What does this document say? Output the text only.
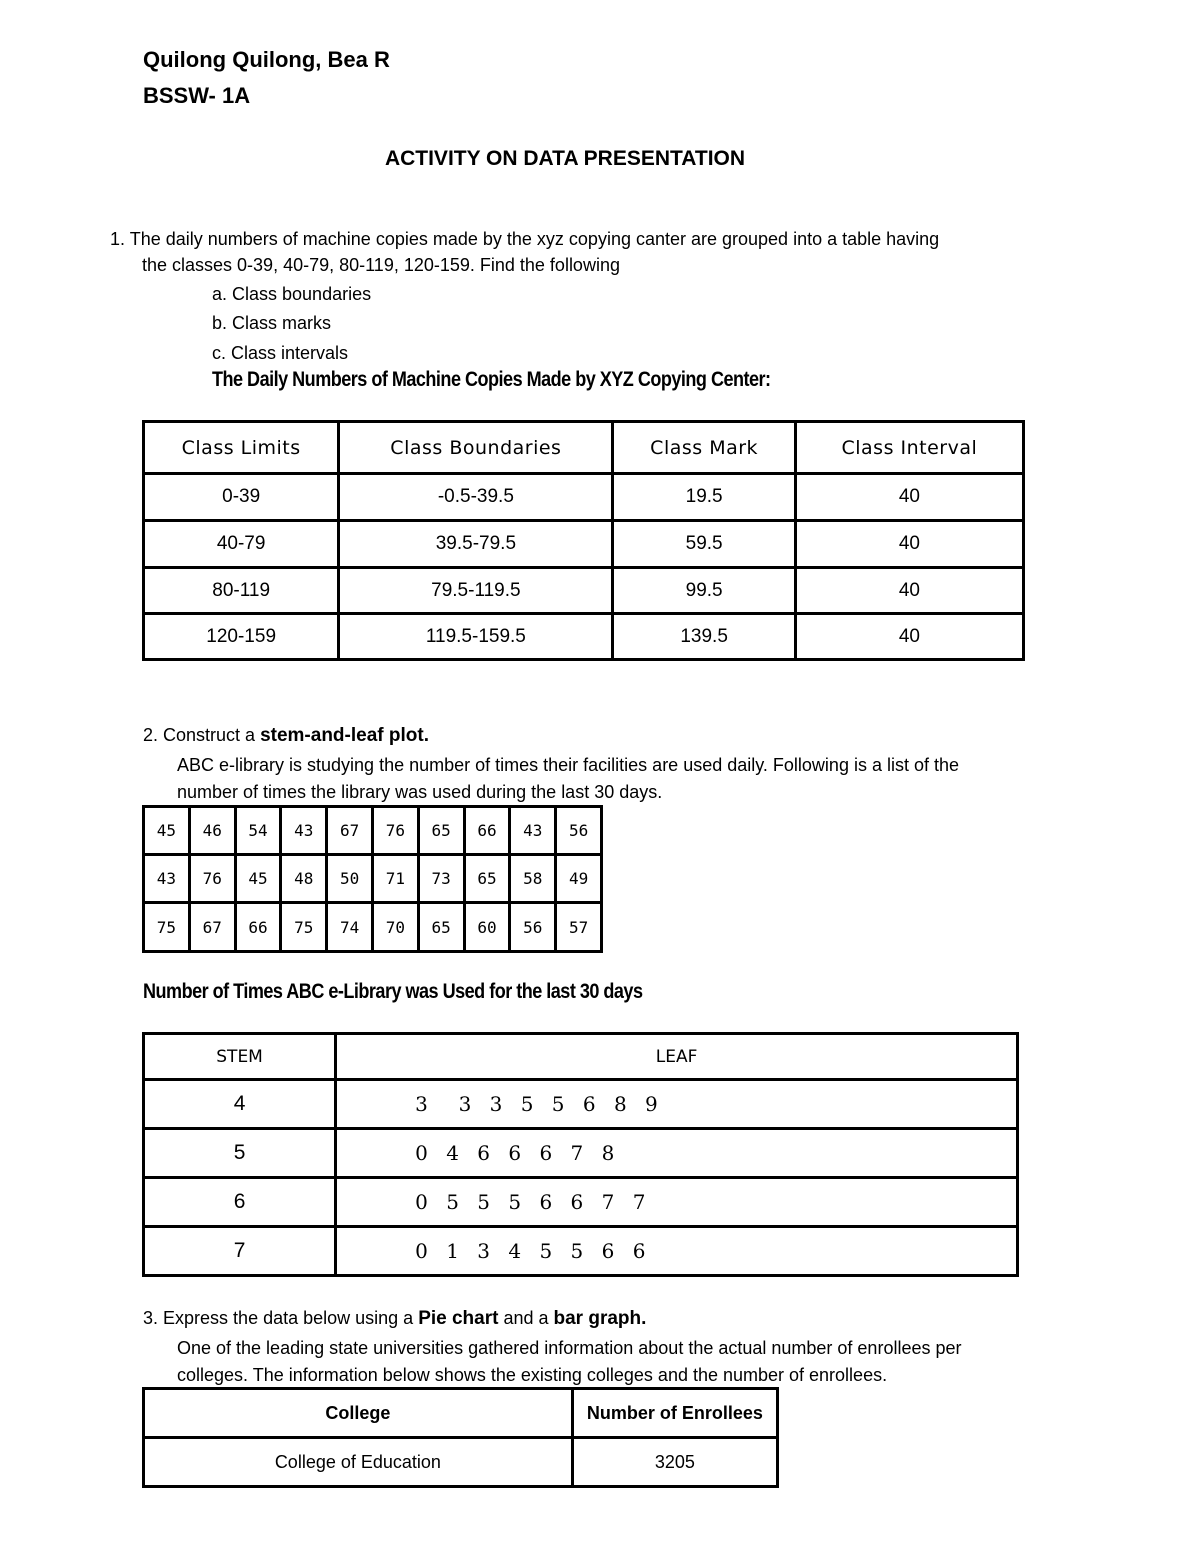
Quilong Quilong, Bea R
BSSW- 1A
ACTIVITY ON DATA PRESENTATION
1. The daily numbers of machine copies made by the xyz copying canter are grouped into a table having
the classes 0-39, 40-79, 80-119, 120-159. Find the following
a. Class boundaries
b. Class marks
c. Class intervals
The Daily Numbers of Machine Copies Made by XYZ Copying Center:
Class Limits	Class Boundaries	Class Mark	Class Interval
0-39	-0.5-39.5	19.5	40
40-79	39.5-79.5	59.5	40
80-119	79.5-119.5	99.5	40
120-159	119.5-159.5	139.5	40
2. Construct a stem-and-leaf plot.
ABC e-library is studying the number of times their facilities are used daily. Following is a list of the
number of times the library was used during the last 30 days.
45	46	54	43	67	76	65	66	43	56
43	76	45	48	50	71	73	65	58	49
75	67	66	75	74	70	65	60	56	57
Number of Times ABC e-Library was Used for the last 30 days
STEM	LEAF
4	3  3 3 5 5 6 8 9
5	0 4 6 6 6 7 8
6	0 5 5 5 6 6 7 7
7	0 1 3 4 5 5 6 6
3. Express the data below using a Pie chart and a bar graph.
One of the leading state universities gathered information about the actual number of enrollees per
colleges. The information below shows the existing colleges and the number of enrollees.
College	Number of Enrollees
College of Education	3205
